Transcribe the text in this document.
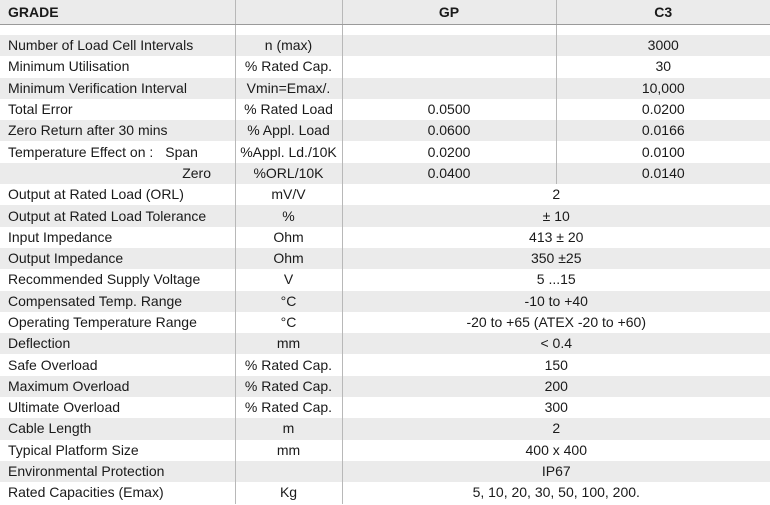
GRADE		GP	C3

Number of Load Cell Intervals	n (max)		3000
Minimum Utilisation	% Rated Cap.		30
Minimum Verification Interval	Vmin=Emax/.		10,000
Total Error	% Rated Load	0.0500	0.0200
Zero Return after 30 mins	% Appl. Load	0.0600	0.0166
Temperature Effect on : Span	%Appl. Ld./10K	0.0200	0.0100
Zero	%ORL/10K	0.0400	0.0140
Output at Rated Load (ORL)	mV/V	2	
Output at Rated Load Tolerance	%	± 10	
Input Impedance	Ohm	413 ± 20	
Output Impedance	Ohm	350 ±25	
Recommended Supply Voltage	V	5 ...15	
Compensated Temp. Range	°C	-10 to +40	
Operating Temperature Range	°C	-20 to +65 (ATEX -20 to +60)	
Deflection	mm	< 0.4	
Safe Overload	% Rated Cap.	150	
Maximum Overload	% Rated Cap.	200	
Ultimate Overload	% Rated Cap.	300	
Cable Length	m	2	
Typical Platform Size	mm	400 x 400	
Environmental Protection		IP67	
Rated Capacities (Emax)	Kg	5, 10, 20, 30, 50, 100, 200.	
